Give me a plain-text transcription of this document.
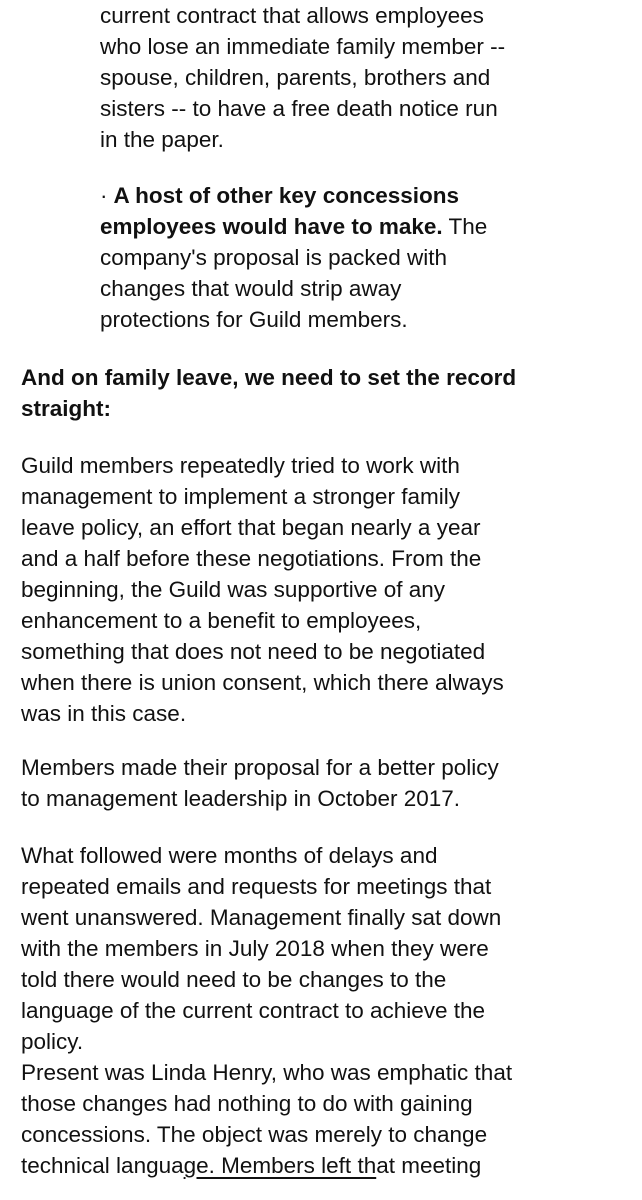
current contract that allows employees
who lose an immediate family member --
spouse, children, parents, brothers and
sisters -- to have a free death notice run
in the paper.

· A host of other key concessions
employees would have to make. The
company's proposal is packed with
changes that would strip away
protections for Guild members.

And on family leave, we need to set the record
straight:

Guild members repeatedly tried to work with
management to implement a stronger family
leave policy, an effort that began nearly a year
and a half before these negotiations. From the
beginning, the Guild was supportive of any
enhancement to a benefit to employees,
something that does not need to be negotiated
when there is union consent, which there always
was in this case.

Members made their proposal for a better policy
to management leadership in October 2017.

What followed were months of delays and
repeated emails and requests for meetings that
went unanswered. Management finally sat down
with the members in July 2018 when they were
told there would need to be changes to the
language of the current contract to achieve the
policy.

Present was Linda Henry, who was emphatic that
those changes had nothing to do with gaining
concessions. The object was merely to change
technical language. Members left that meeting
